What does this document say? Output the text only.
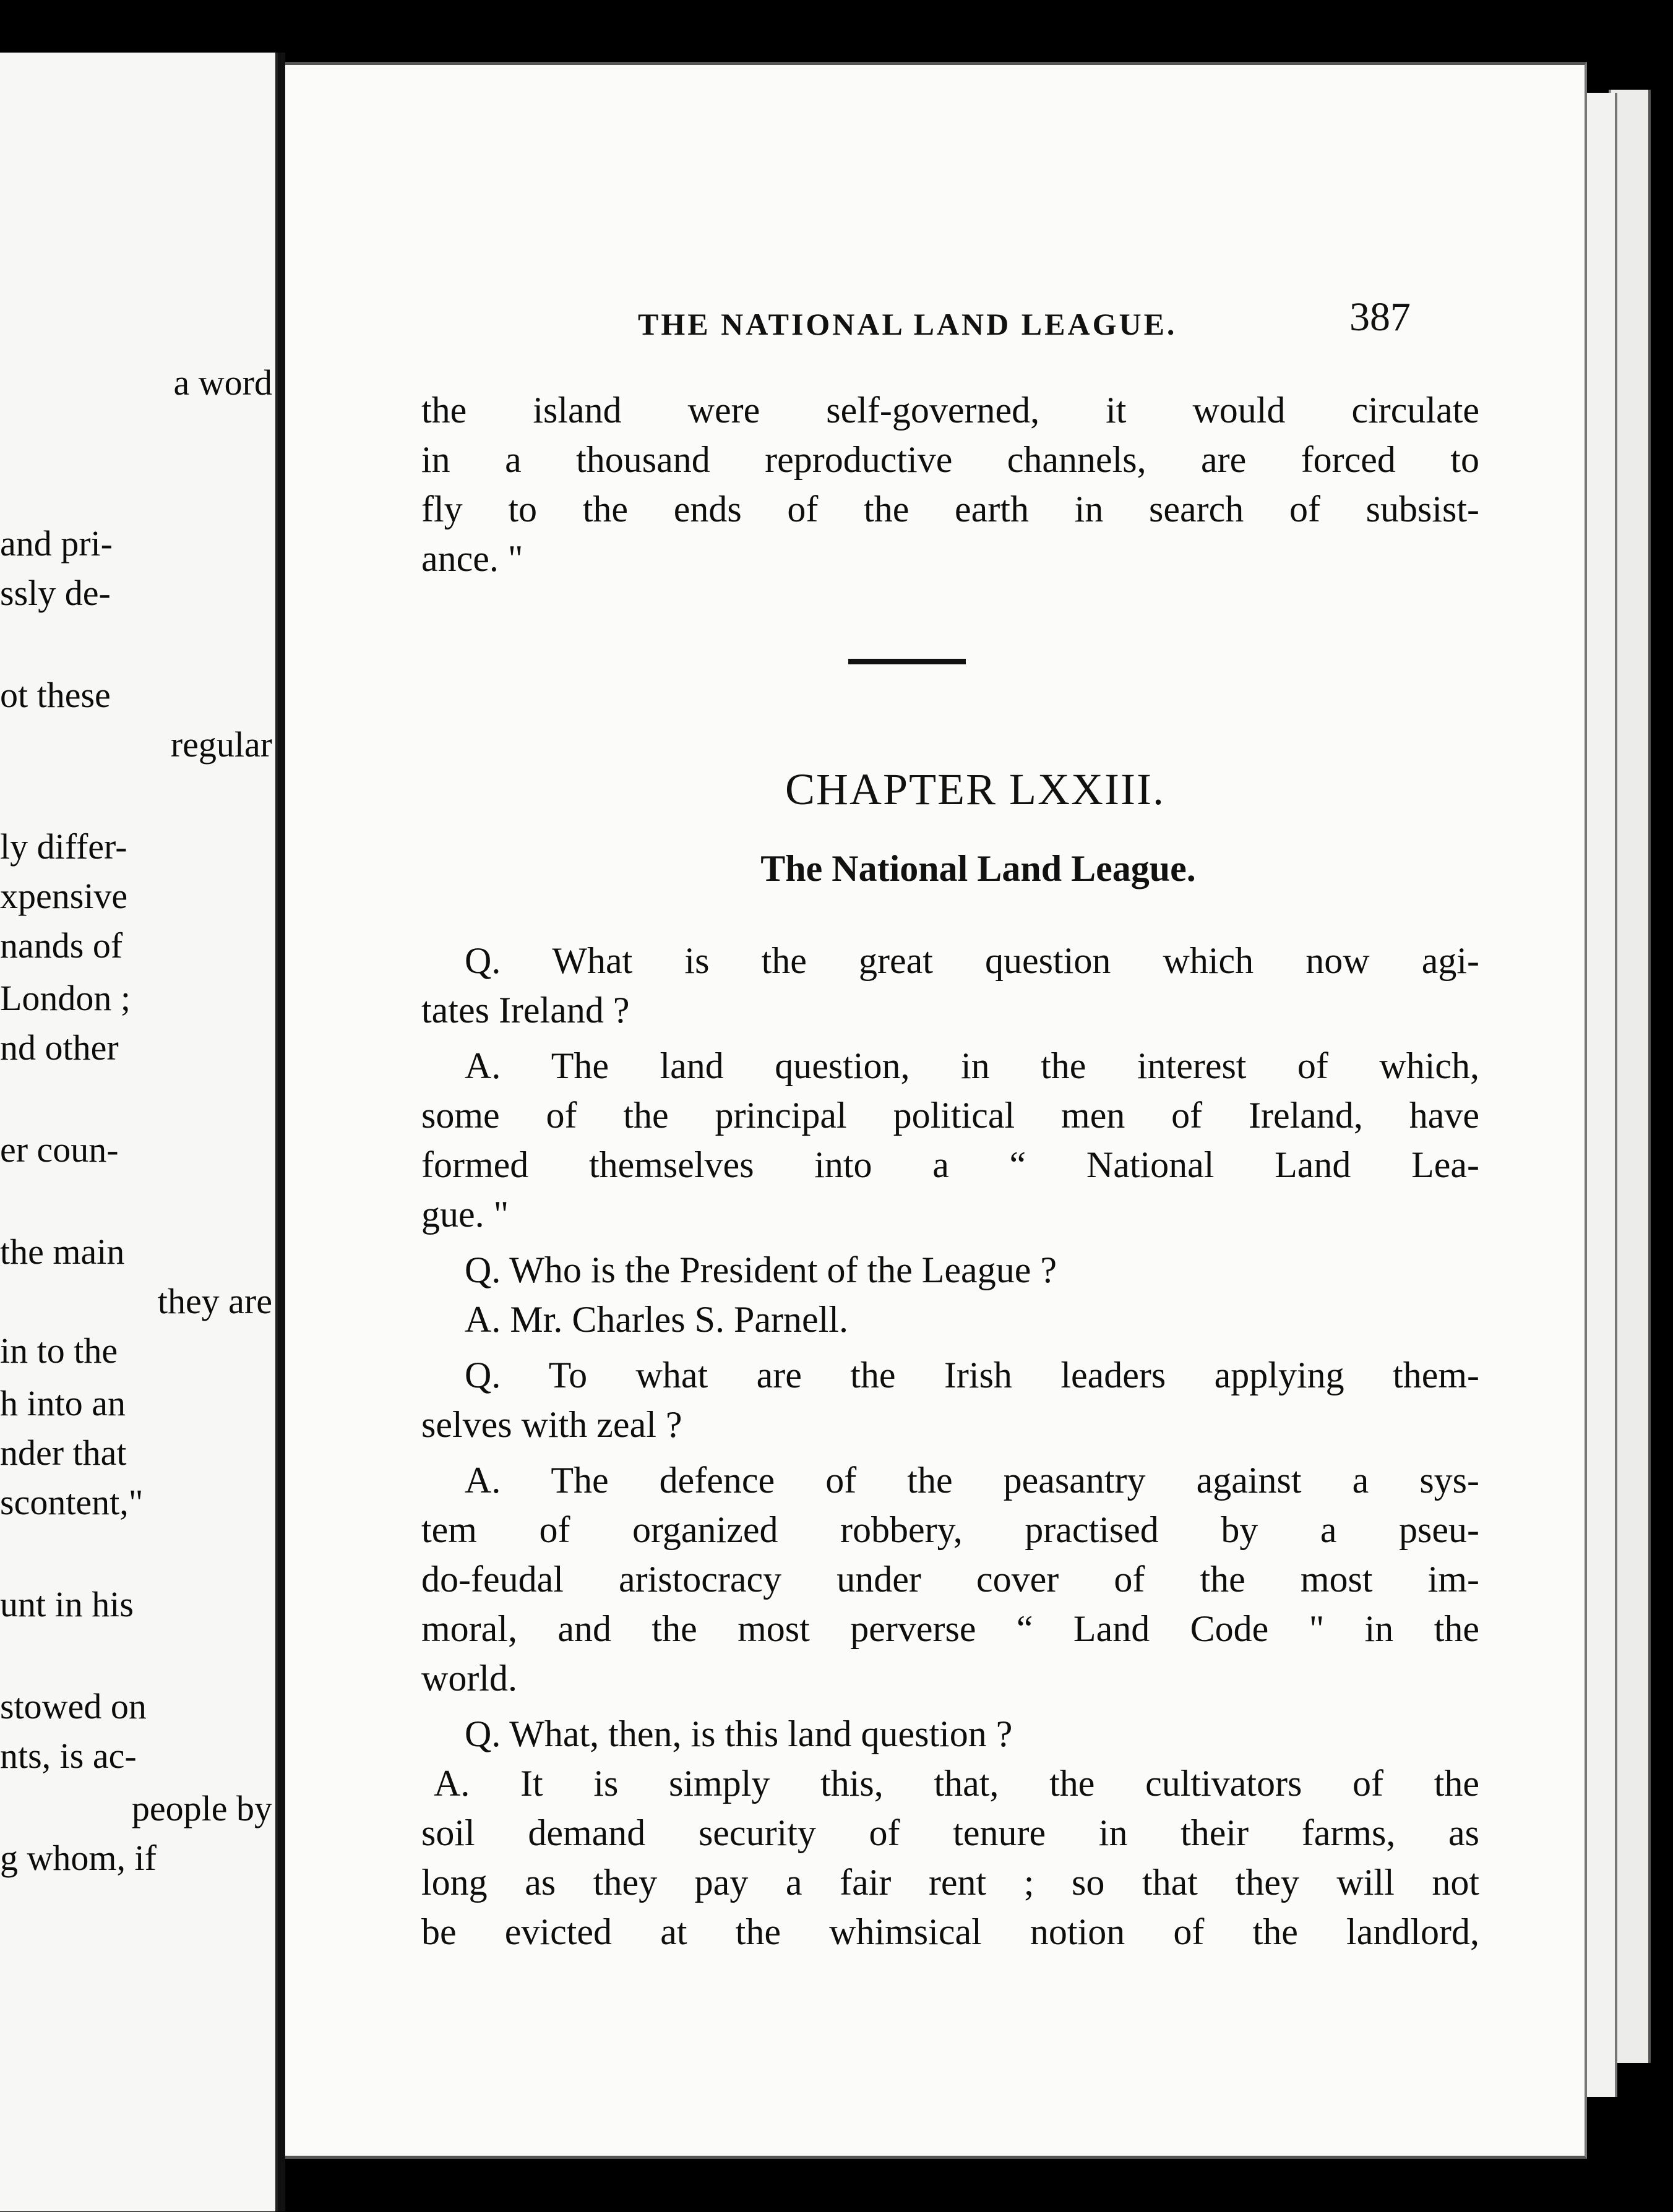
a word
and pri-
ssly de-
ot these
regular
ly differ-
xpensive
nands of
London ;
nd other
er coun-
the main
they are
in to the
h into an
nder that
scontent,"
unt in his
stowed on
nts, is ac-
people by
g whom, if
THE NATIONAL LAND LEAGUE.	387
the island were self-governed, it would circulate
in a thousand reproductive channels, are forced to
fly to the ends of the earth in search of subsist-
ance. "
CHAPTER LXXIII.
The National Land League.
Q. What is the great question which now agi-
tates Ireland ?
A. The land question, in the interest of which,
some of the principal political men of Ireland, have
formed themselves into a “ National Land Lea-
gue. "
Q. Who is the President of the League ?
A. Mr. Charles S. Parnell.
Q. To what are the Irish leaders applying them-
selves with zeal ?
A. The defence of the peasantry against a sys-
tem of organized robbery, practised by a pseu-
do-feudal aristocracy under cover of the most im-
moral, and the most perverse “ Land Code " in the
world.
Q. What, then, is this land question ?
A. It is simply this, that, the cultivators of the
soil demand security of tenure in their farms, as
long as they pay a fair rent ; so that they will not
be evicted at the whimsical notion of the landlord,
